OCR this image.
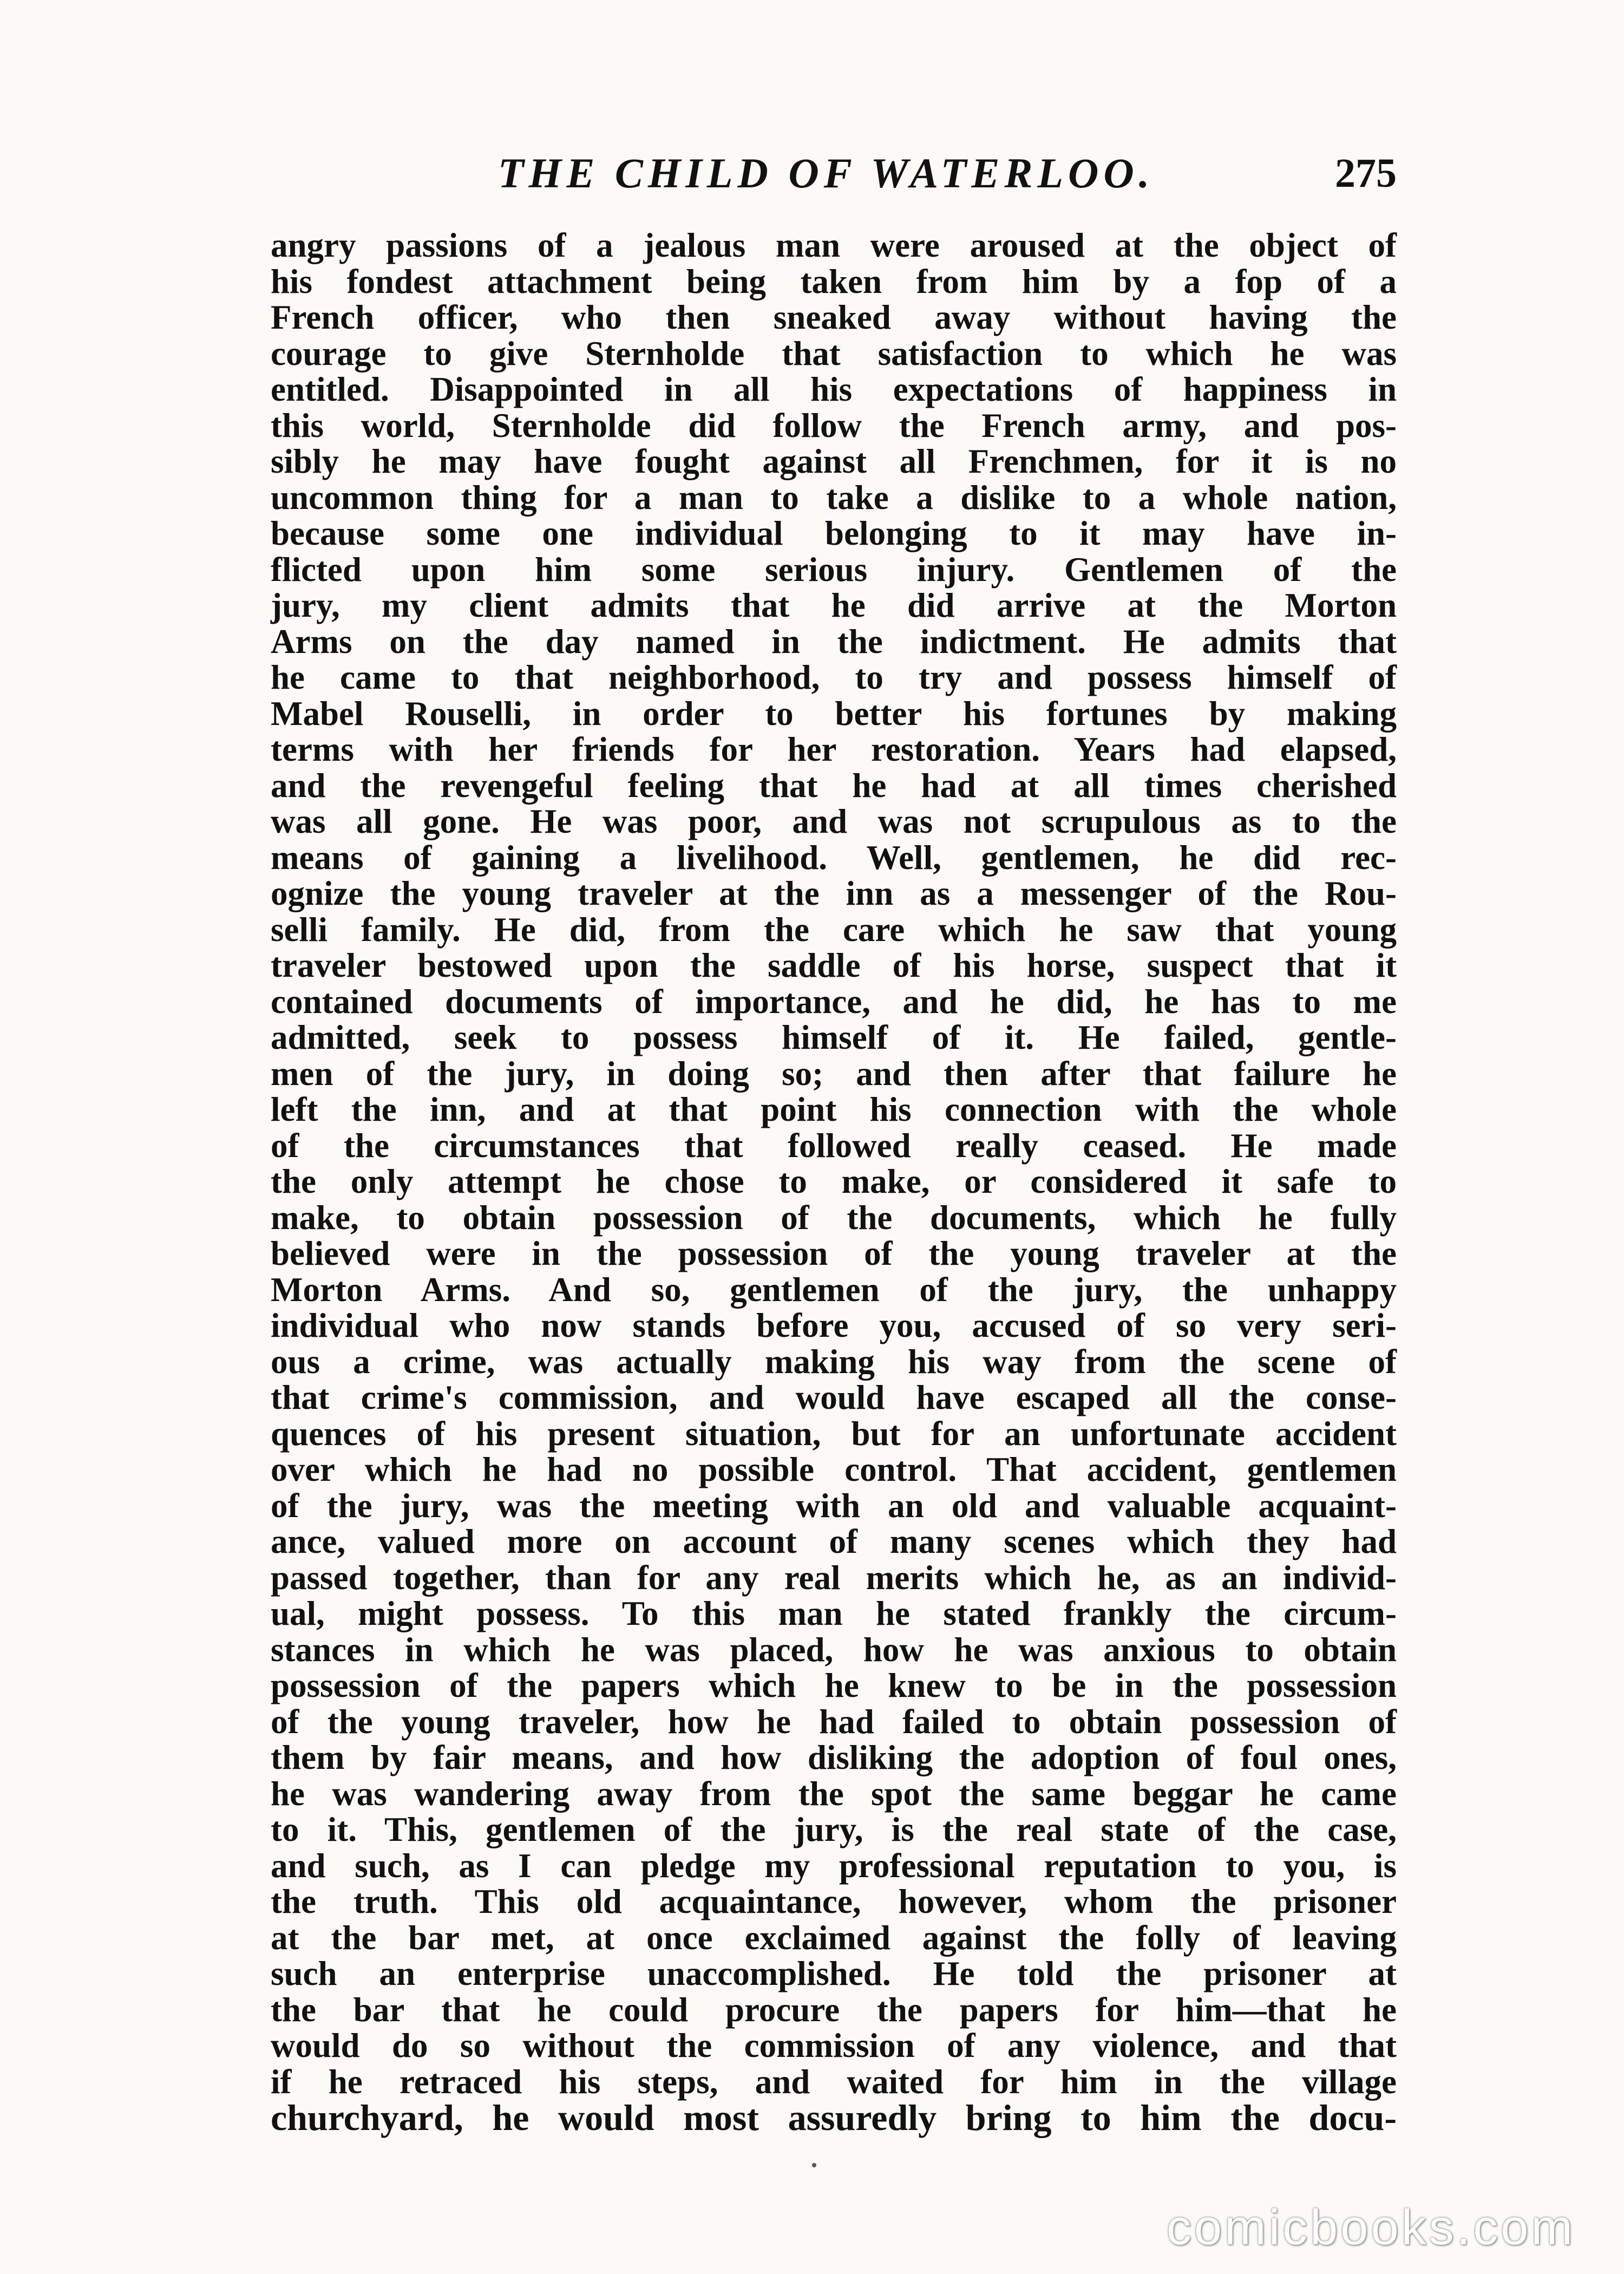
THE CHILD OF WATERLOO.	275
angry passions of a jealous man were aroused at the object of
his fondest attachment being taken from him by a fop of a
French officer, who then sneaked away without having the
courage to give Sternholde that satisfaction to which he was
entitled. Disappointed in all his expectations of happiness in
this world, Sternholde did follow the French army, and pos-
sibly he may have fought against all Frenchmen, for it is no
uncommon thing for a man to take a dislike to a whole nation,
because some one individual belonging to it may have in-
flicted upon him some serious injury. Gentlemen of the
jury, my client admits that he did arrive at the Morton
Arms on the day named in the indictment. He admits that
he came to that neighborhood, to try and possess himself of
Mabel Rouselli, in order to better his fortunes by making
terms with her friends for her restoration. Years had elapsed,
and the revengeful feeling that he had at all times cherished
was all gone. He was poor, and was not scrupulous as to the
means of gaining a livelihood. Well, gentlemen, he did rec-
ognize the young traveler at the inn as a messenger of the Rou-
selli family. He did, from the care which he saw that young
traveler bestowed upon the saddle of his horse, suspect that it
contained documents of importance, and he did, he has to me
admitted, seek to possess himself of it. He failed, gentle-
men of the jury, in doing so; and then after that failure he
left the inn, and at that point his connection with the whole
of the circumstances that followed really ceased. He made
the only attempt he chose to make, or considered it safe to
make, to obtain possession of the documents, which he fully
believed were in the possession of the young traveler at the
Morton Arms. And so, gentlemen of the jury, the unhappy
individual who now stands before you, accused of so very seri-
ous a crime, was actually making his way from the scene of
that crime's commission, and would have escaped all the conse-
quences of his present situation, but for an unfortunate accident
over which he had no possible control. That accident, gentlemen
of the jury, was the meeting with an old and valuable acquaint-
ance, valued more on account of many scenes which they had
passed together, than for any real merits which he, as an individ-
ual, might possess. To this man he stated frankly the circum-
stances in which he was placed, how he was anxious to obtain
possession of the papers which he knew to be in the possession
of the young traveler, how he had failed to obtain possession of
them by fair means, and how disliking the adoption of foul ones,
he was wandering away from the spot the same beggar he came
to it. This, gentlemen of the jury, is the real state of the case,
and such, as I can pledge my professional reputation to you, is
the truth. This old acquaintance, however, whom the prisoner
at the bar met, at once exclaimed against the folly of leaving
such an enterprise unaccomplished. He told the prisoner at
the bar that he could procure the papers for him—that he
would do so without the commission of any violence, and that
if he retraced his steps, and waited for him in the village
churchyard, he would most assuredly bring to him the docu-
comicbooks.com
